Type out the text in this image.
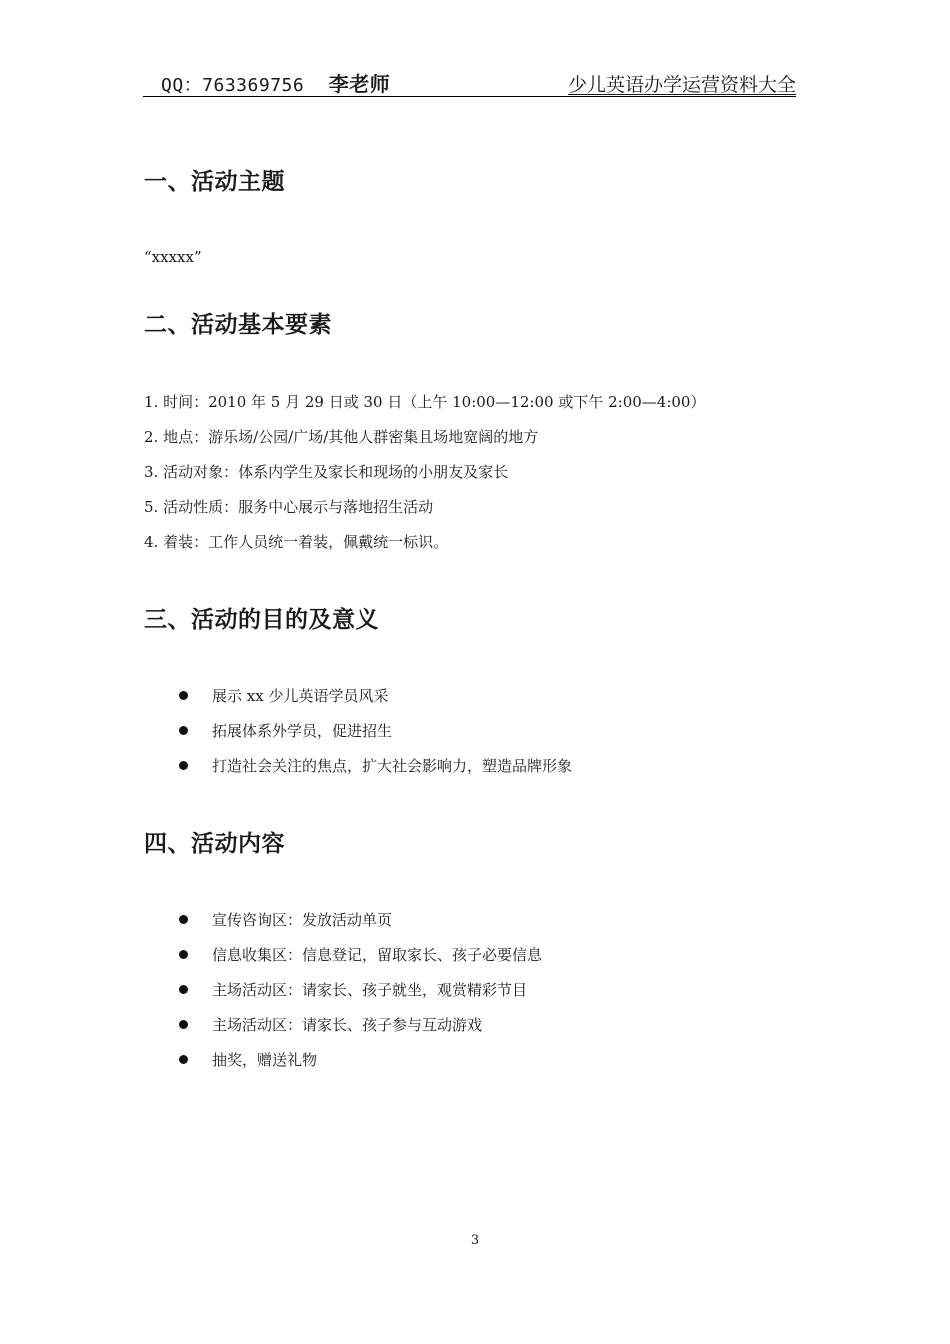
QQ：763369756 李老师	少儿英语办学运营资料大全
一、活动主题

“xxxxx”

二、活动基本要素
1. 时间：2010 年 5 月 29 日或 30 日（上午 10:00—12:00 或下午 2:00—4:00）
2. 地点：游乐场/公园/广场/其他人群密集且场地宽阔的地方
3. 活动对象：体系内学生及家长和现场的小朋友及家长
5. 活动性质：服务中心展示与落地招生活动
4. 着装：工作人员统一着装，佩戴统一标识。
三、活动的目的及意义
展示 xx 少儿英语学员风采
拓展体系外学员，促进招生
打造社会关注的焦点，扩大社会影响力，塑造品牌形象
四、活动内容
宣传咨询区：发放活动单页
信息收集区：信息登记，留取家长、孩子必要信息
主场活动区：请家长、孩子就坐，观赏精彩节目
主场活动区：请家长、孩子参与互动游戏
抽奖，赠送礼物
3
